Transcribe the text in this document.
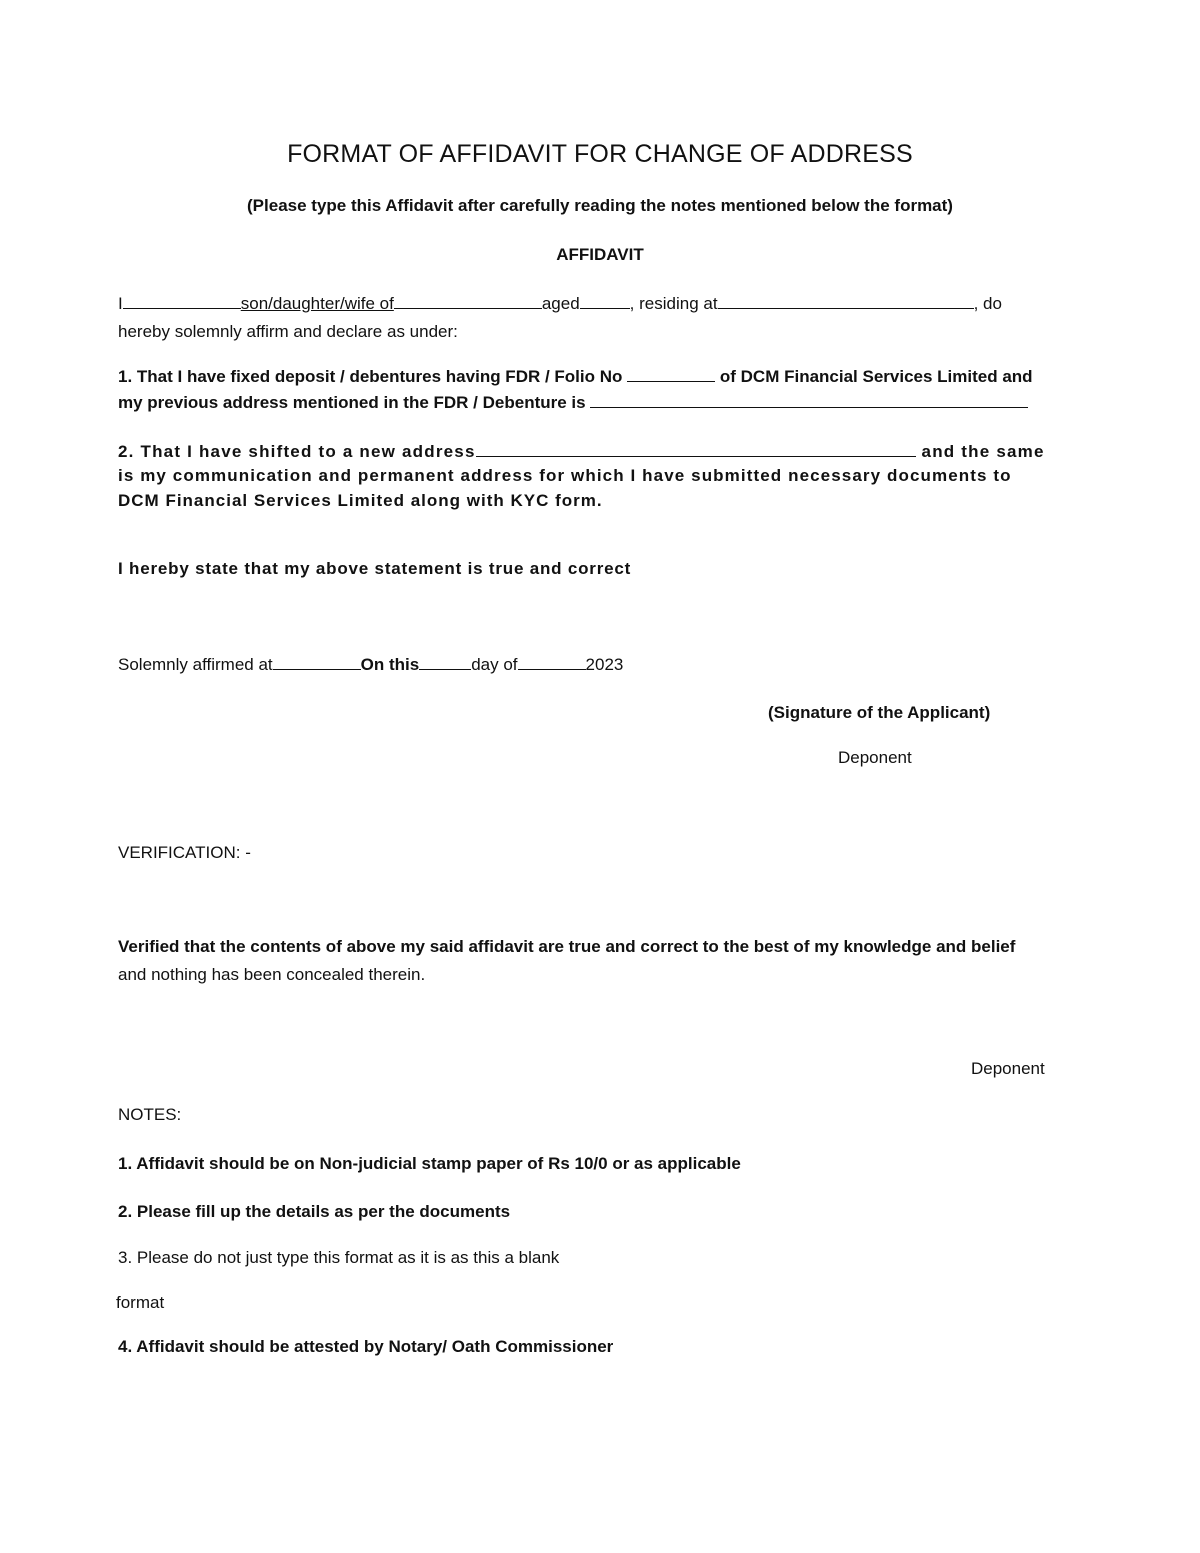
FORMAT OF AFFIDAVIT FOR CHANGE OF ADDRESS
(Please type this Affidavit after carefully reading the notes mentioned below the format)
AFFIDAVIT
I	son/daughter/wife of	aged	, residing at	, do
hereby solemnly affirm and declare as under:
1. That I have fixed deposit / debentures having FDR / Folio No	of DCM Financial Services Limited and
my previous address mentioned in the FDR / Debenture is
2. That I have shifted to a new address	and the same
is my communication and permanent address for which I have submitted necessary documents to
DCM Financial Services Limited along with KYC form.
I hereby state that my above statement is true and correct
Solemnly affirmed at	On this	day of	2023
(Signature of the Applicant)
Deponent
VERIFICATION: -
Verified that the contents of above my said affidavit are true and correct to the best of my knowledge and belief
and nothing has been concealed therein.
Deponent
NOTES:
1. Affidavit should be on Non-judicial stamp paper of Rs 10/0 or as applicable
2. Please fill up the details as per the documents
3. Please do not just type this format as it is as this a blank
format
4. Affidavit should be attested by Notary/ Oath Commissioner
